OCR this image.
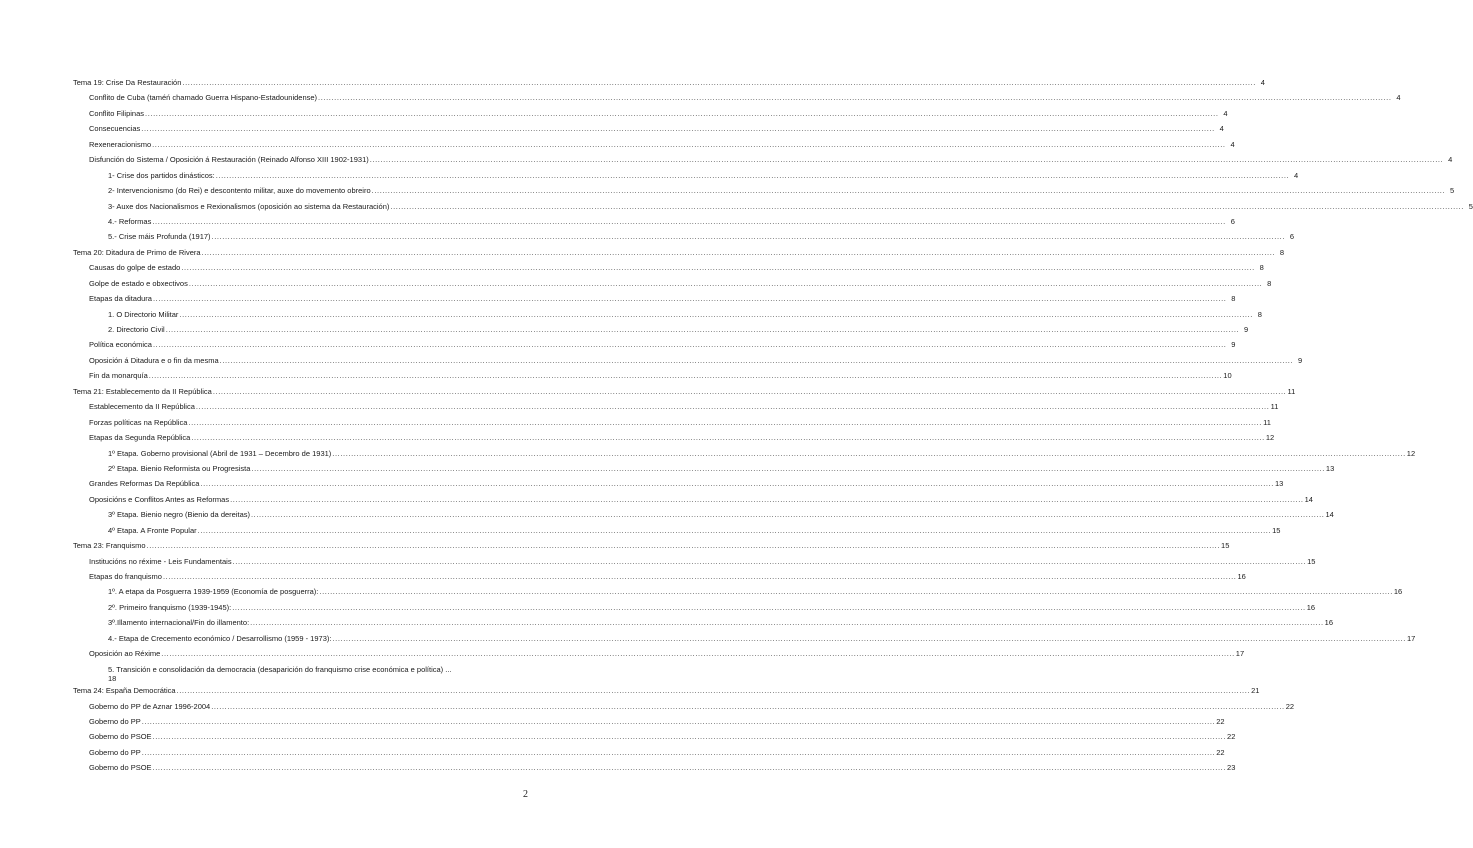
Tema 19: Crise Da Restauración ................................................................................................................................................................................................................................................................................................................................................................................................................ 4
Conflito de Cuba (taméń chamado Guerra Hispano-Estadounidense) ................................................................................................................................................................................................................................................................................................................................................................................................................ 4
Conflito Filipinas ................................................................................................................................................................................................................................................................................................................................................................................................................ 4
Consecuencias ................................................................................................................................................................................................................................................................................................................................................................................................................ 4
Rexeneracionismo ................................................................................................................................................................................................................................................................................................................................................................................................................ 4
Disfunción do Sistema / Oposición á Restauración (Reinado Alfonso XIII 1902-1931) ................................................................................................................................................................................................................................................................................................................................................................................................................ 4
1- Crise dos partidos dinásticos: ................................................................................................................................................................................................................................................................................................................................................................................................................ 4
2- Intervencionismo (do Rei) e descontento militar, auxe do movemento obreiro ................................................................................................................................................................................................................................................................................................................................................................................................................ 5
3- Auxe dos Nacionalismos e Rexionalismos (oposición ao sistema da Restauración) ................................................................................................................................................................................................................................................................................................................................................................................................................ 5
4.- Reformas ................................................................................................................................................................................................................................................................................................................................................................................................................ 6
5.- Crise máis Profunda (1917) ................................................................................................................................................................................................................................................................................................................................................................................................................ 6
Tema 20: Ditadura de Primo de Rivera ................................................................................................................................................................................................................................................................................................................................................................................................................ 8
Causas do golpe de estado ................................................................................................................................................................................................................................................................................................................................................................................................................ 8
Golpe de estado e obxectivos ................................................................................................................................................................................................................................................................................................................................................................................................................ 8
Etapas da ditadura ................................................................................................................................................................................................................................................................................................................................................................................................................ 8
1. O Directorio Militar ................................................................................................................................................................................................................................................................................................................................................................................................................ 8
2. Directorio Civil ................................................................................................................................................................................................................................................................................................................................................................................................................ 9
Política económica ................................................................................................................................................................................................................................................................................................................................................................................................................ 9
Oposición á Ditadura e o fin da mesma ................................................................................................................................................................................................................................................................................................................................................................................................................ 9
Fin da monarquía ................................................................................................................................................................................................................................................................................................................................................................................................................ 10
Tema 21: Establecemento da II República ................................................................................................................................................................................................................................................................................................................................................................................................................ 11
Establecemento da II República ................................................................................................................................................................................................................................................................................................................................................................................................................ 11
Forzas políticas na República ................................................................................................................................................................................................................................................................................................................................................................................................................ 11
Etapas da Segunda República ................................................................................................................................................................................................................................................................................................................................................................................................................ 12
1º Etapa. Goberno provisional (Abril de 1931 – Decembro de 1931) ................................................................................................................................................................................................................................................................................................................................................................................................................ 12
2º Etapa. Bienio Reformista ou Progresista ................................................................................................................................................................................................................................................................................................................................................................................................................ 13
Grandes Reformas Da República ................................................................................................................................................................................................................................................................................................................................................................................................................ 13
Oposicións e Conflitos Antes as Reformas ................................................................................................................................................................................................................................................................................................................................................................................................................ 14
3º Etapa. Bienio negro (Bienio da dereitas) ................................................................................................................................................................................................................................................................................................................................................................................................................ 14
4º Etapa. A Fronte Popular ................................................................................................................................................................................................................................................................................................................................................................................................................ 15
Tema 23: Franquismo ................................................................................................................................................................................................................................................................................................................................................................................................................ 15
Institucións no réxime - Leis Fundamentais ................................................................................................................................................................................................................................................................................................................................................................................................................ 15
Etapas do franquismo ................................................................................................................................................................................................................................................................................................................................................................................................................ 16
1º. A etapa da Posguerra 1939-1959 (Economía de posguerra): ................................................................................................................................................................................................................................................................................................................................................................................................................ 16
2º. Primeiro franquismo (1939-1945): ................................................................................................................................................................................................................................................................................................................................................................................................................ 16
3º.Illamento internacional/Fin do illamento: ................................................................................................................................................................................................................................................................................................................................................................................................................ 16
4.- Etapa de Crecemento económico / Desarrollismo (1959 - 1973): ................................................................................................................................................................................................................................................................................................................................................................................................................ 17
Oposición ao Réxime ................................................................................................................................................................................................................................................................................................................................................................................................................ 17
5. Transición e consolidación da democracia (desaparición do franquismo crise económica e política) ...
18
Tema 24: España Democrática ................................................................................................................................................................................................................................................................................................................................................................................................................ 21
Goberno do PP de Aznar 1996-2004 ................................................................................................................................................................................................................................................................................................................................................................................................................ 22
Goberno do PP ................................................................................................................................................................................................................................................................................................................................................................................................................ 22
Goberno do PSOE ................................................................................................................................................................................................................................................................................................................................................................................................................ 22
Goberno do PP ................................................................................................................................................................................................................................................................................................................................................................................................................ 22
Goberno do PSOE ................................................................................................................................................................................................................................................................................................................................................................................................................ 23
2
